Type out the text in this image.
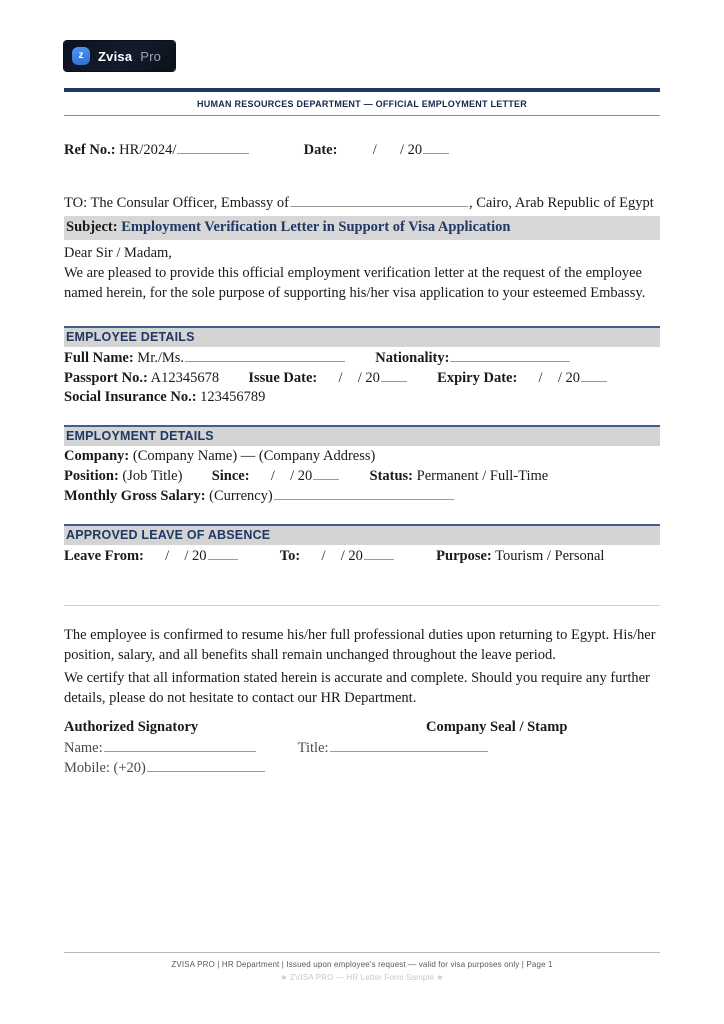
z Zvisa Pro
HUMAN RESOURCES DEPARTMENT — OFFICIAL EMPLOYMENT LETTER
Ref No.: HR/2024/	Date: / / 20
TO: The Consular Officer, Embassy of	, Cairo, Arab Republic of Egypt
Subject: Employment Verification Letter in Support of Visa Application
Dear Sir / Madam,
We are pleased to provide this official employment verification letter at the request of the employee named herein, for the sole purpose of supporting his/her visa application to your esteemed Embassy.
EMPLOYEE DETAILS
Full Name: Mr./Ms.	Nationality:
Passport No.: A12345678 Issue Date: / / 20	Expiry Date: / / 20
Social Insurance No.: 123456789
EMPLOYMENT DETAILS
Company: (Company Name) — (Company Address)
Position: (Job Title) Since: / / 20	Status: Permanent / Full-Time
Monthly Gross Salary: (Currency)
APPROVED LEAVE OF ABSENCE
Leave From: / / 20	To: / / 20	Purpose: Tourism / Personal
The employee is confirmed to resume his/her full professional duties upon returning to Egypt. His/her position, salary, and all benefits shall remain unchanged throughout the leave period.
We certify that all information stated herein is accurate and complete. Should you require any further details, please do not hesitate to contact our HR Department.
Authorized Signatory	Company Seal / Stamp
Name:	Title:
Mobile: (+20)
ZVISA PRO | HR Department | Issued upon employee's request — valid for visa purposes only | Page 1
★ ZVISA PRO — HR Letter Form Sample ★
